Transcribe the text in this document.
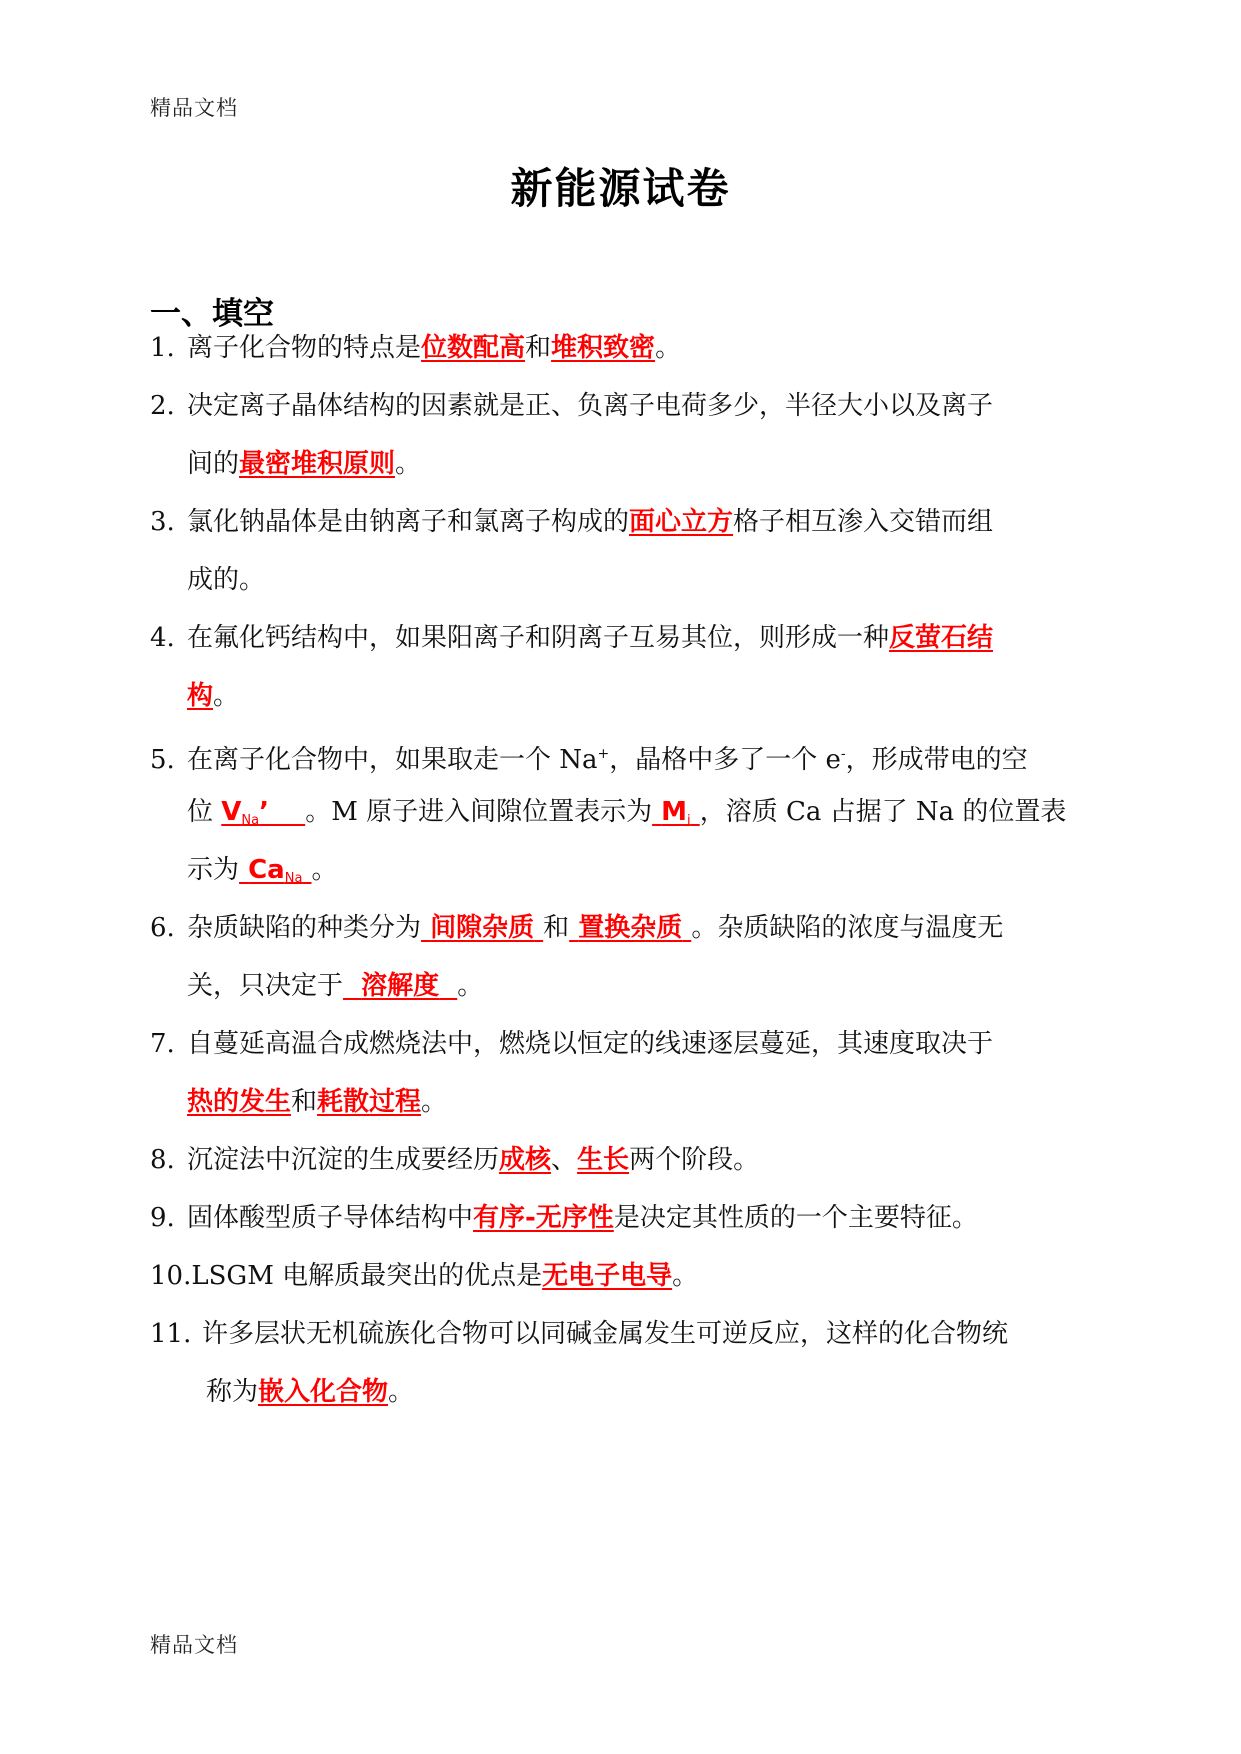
精品文档
新能源试卷
一、填空
1. 离子化合物的特点是位数配高和堆积致密。
2. 决定离子晶体结构的因素就是正、负离子电荷多少，半径大小以及离子
间的最密堆积原则。
3. 氯化钠晶体是由钠离子和氯离子构成的面心立方格子相互渗入交错而组
成的。
4. 在氟化钙结构中，如果阳离子和阴离子互易其位，则形成一种反萤石结
构。
5. 在离子化合物中，如果取走一个 Na+，晶格中多了一个 e-，形成带电的空
位 $V_{Na}$’ 。M 原子进入间隙位置表示为 $M_i$ ，溶质 Ca 占据了 Na 的位置表
示为 $Ca_{Na}$ 。
6. 杂质缺陷的种类分为 间隙杂质 和 置换杂质 。杂质缺陷的浓度与温度无
关，只决定于 溶解度 。
7. 自蔓延高温合成燃烧法中，燃烧以恒定的线速逐层蔓延，其速度取决于
热的发生和耗散过程。
8. 沉淀法中沉淀的生成要经历成核、生长两个阶段。
9. 固体酸型质子导体结构中有序-无序性是决定其性质的一个主要特征。
10.LSGM 电解质最突出的优点是无电子电导。
11. 许多层状无机硫族化合物可以同碱金属发生可逆反应，这样的化合物统
称为嵌入化合物。
精品文档
